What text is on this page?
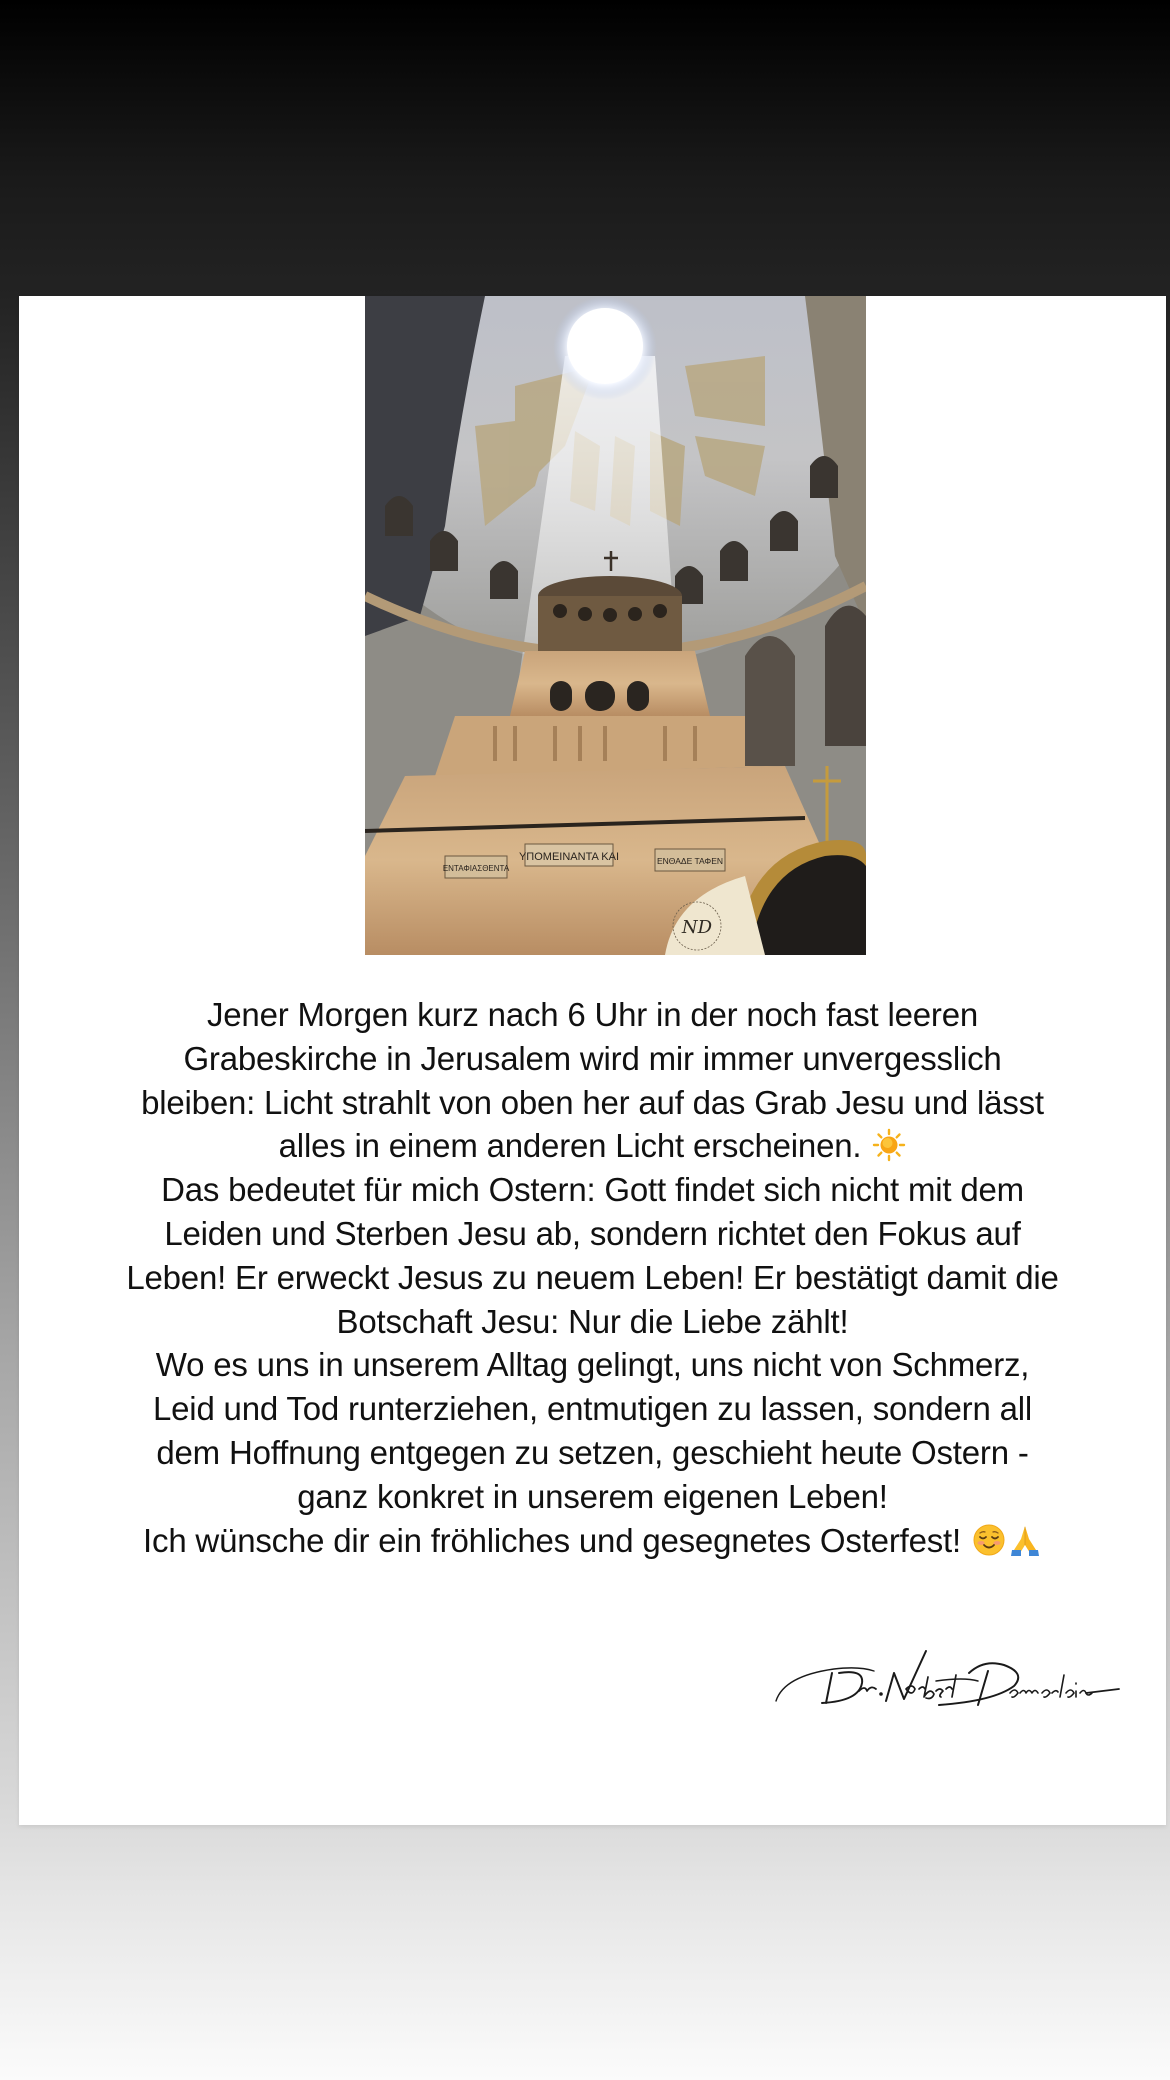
ΥΠΟΜΕΙΝΑΝΤΑ ΚΑΙ
ΕΝΤΑΦΙΑΣΘΕΝΤΑ
ΕΝΘΑΔΕ ΤΑΦΕΝ
ND
Jener Morgen kurz nach 6 Uhr in der noch fast leeren
Grabeskirche in Jerusalem wird mir immer unvergesslich
bleiben: Licht strahlt von oben her auf das Grab Jesu und lässt
alles in einem anderen Licht erscheinen.
Das bedeutet für mich Ostern: Gott findet sich nicht mit dem
Leiden und Sterben Jesu ab, sondern richtet den Fokus auf
Leben! Er erweckt Jesus zu neuem Leben! Er bestätigt damit die
Botschaft Jesu: Nur die Liebe zählt!
Wo es uns in unserem Alltag gelingt, uns nicht von Schmerz,
Leid und Tod runterziehen, entmutigen zu lassen, sondern all
dem Hoffnung entgegen zu setzen, geschieht heute Ostern -
ganz konkret in unserem eigenen Leben!
Ich wünsche dir ein fröhliches und gesegnetes Osterfest!
